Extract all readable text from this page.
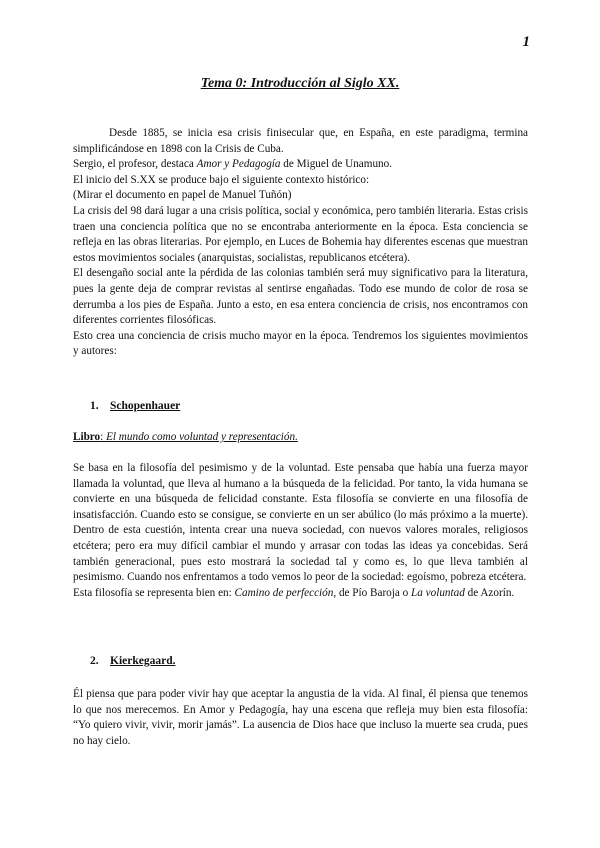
1
Tema 0: Introducción al Siglo XX.

Desde 1885, se inicia esa crisis finisecular que, en España, en este paradigma, termina simplificándose en 1898 con la Crisis de Cuba.

Sergio, el profesor, destaca Amor y Pedagogía de Miguel de Unamuno.

El inicio del S.XX se produce bajo el siguiente contexto histórico:

(Mirar el documento en papel de Manuel Tuñón)

La crisis del 98 dará lugar a una crisis política, social y económica, pero también literaria. Estas crisis traen una conciencia política que no se encontraba anteriormente en la época. Esta conciencia se refleja en las obras literarias. Por ejemplo, en Luces de Bohemia hay diferentes escenas que muestran estos movimientos sociales (anarquistas, socialistas, republicanos etcétera).

El desengaño social ante la pérdida de las colonias también será muy significativo para la literatura, pues la gente deja de comprar revistas al sentirse engañadas. Todo ese mundo de color de rosa se derrumba a los pies de España. Junto a esto, en esa entera conciencia de crisis, nos encontramos con diferentes corrientes filosóficas.

Esto crea una conciencia de crisis mucho mayor en la época. Tendremos los siguientes movimientos y autores:

1. Schopenhauer
Libro: El mundo como voluntad y representación.

Se basa en la filosofía del pesimismo y de la voluntad. Este pensaba que había una fuerza mayor llamada la voluntad, que lleva al humano a la búsqueda de la felicidad. Por tanto, la vida humana se convierte en una búsqueda de felicidad constante. Esta filosofía se convierte en una filosofía de insatisfacción. Cuando esto se consigue, se convierte en un ser abúlico (lo más próximo a la muerte). Dentro de esta cuestión, intenta crear una nueva sociedad, con nuevos valores morales, religiosos etcétera; pero era muy difícil cambiar el mundo y arrasar con todas las ideas ya concebidas. Será también generacional, pues esto mostrará la sociedad tal y como es, lo que lleva también al pesimismo. Cuando nos enfrentamos a todo vemos lo peor de la sociedad: egoísmo, pobreza etcétera.

Esta filosofía se representa bien en: Camino de perfección, de Pío Baroja o La voluntad de Azorín.

2. Kierkegaard.

Él piensa que para poder vivir hay que aceptar la angustia de la vida. Al final, él piensa que tenemos lo que nos merecemos. En Amor y Pedagogía, hay una escena que refleja muy bien esta filosofía: “Yo quiero vivir, vivir, morir jamás”. La ausencia de Dios hace que incluso la muerte sea cruda, pues no hay cielo.
